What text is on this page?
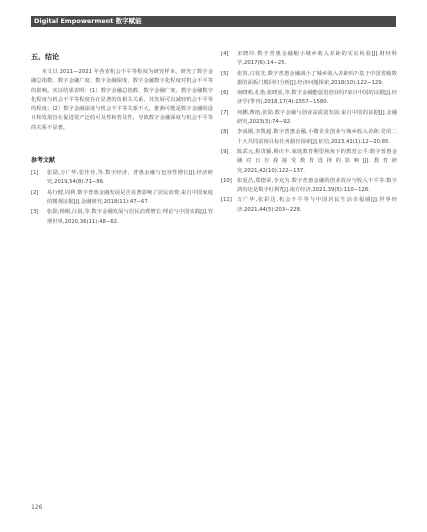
Digital Empowerment 数字赋能
五、结论

本文以 2011—2021 年各省机会不平等程度为研究样本，研究了数字金融总指数、数字金融广度、数字金融深度、数字金融数字化程度对机会不平等的影响。实证结果表明：(1）数字金融总指数、数字金融广度、数字金融数字化程度与机会不平等程度存在显著的负相关关系，其发展可以减轻机会不平等的程度；(2）数字金融深度与机会不平等关系不大，推测可能是数字金融的设计和发展旨在促进资产泛的可及性和普及性，导致数字金融深度与机会不平等的关系不显著。

参考文献
[1]	张勋,万广华,张佳佳,等.数字经济、普惠金融与包容性增长[J].经济研究,2019,54(8):71−86.
[2]	易行健,周利.数字普惠金融发展是否显著影响了居民消费:来自中国家庭的微观证据[J].金融研究,2018(11):47−67.
[3]	张勋,杨桐,汪晨,等.数字金融发展与居民消费增长:理论与中国实践[J].管理世界,2020,36(11):48−62.
[4]	宋晓玲.数字普惠金融缩小城乡收入差距的实证检验[J].财经科学,2017(6):14−25.
[5]	张贺,白钦先.数字普惠金融减小了城乡收入差距吗?:基于中国省级数据的面板门槛回归分析[J].经济问题探索,2018(10):122−129.
[6]	南晓莉,孔艳,张晓夏,等.数字金融能促进创业吗?来自中国的证据[J].经济学(季刊),2018,17(4):1557−1580.
[7]	何鹏,曹雨,张勋.数字金融与创业高质量发展:来自中国的证据[J].金融研究,2023(3):74−92.
[8]	李成刚,李凯超.数字普惠金融,小微企业创业与城乡收入差距:党的二十大共同富裕目标任务路径探索[J].征信,2023,41(1):12−20,85.
[9]	陈武元,程贵颖,蔡庆丰.家庭教育期望视角下的教育公平:数字普惠金融对日自我接受教育选择的影响[J].教育研究,2021,42(10):122−137.
[10] 张夏昌,郑德荣,李克为.数字普惠金融的创业效应与收入不平等:数字鸿沟还是数字红利?[J].南方经济,2021,39(5):110−126.
[11] 万广华,张彩达.机会不平等与中国居民生活幸福感[J].世界经济,2021,44(5):203−228.
126
